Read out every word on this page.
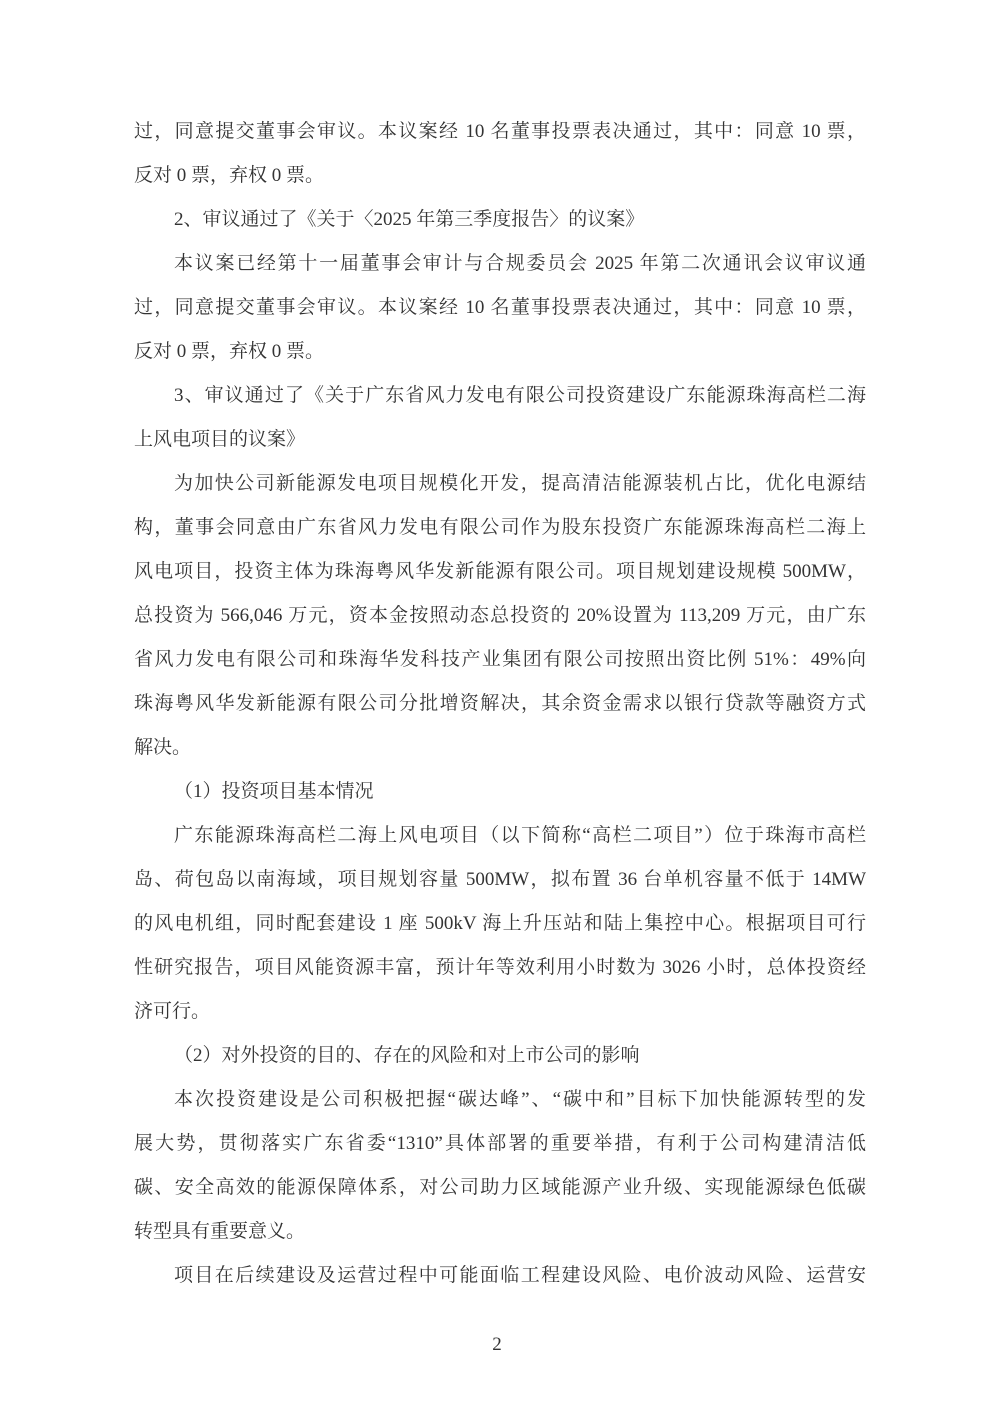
过，同意提交董事会审议。本议案经 10 名董事投票表决通过，其中：同意 10 票，
反对 0 票，弃权 0 票。
2、审议通过了《关于〈2025 年第三季度报告〉的议案》
本议案已经第十一届董事会审计与合规委员会 2025 年第二次通讯会议审议通
过，同意提交董事会审议。本议案经 10 名董事投票表决通过，其中：同意 10 票，
反对 0 票，弃权 0 票。
3、审议通过了《关于广东省风力发电有限公司投资建设广东能源珠海高栏二海
上风电项目的议案》
为加快公司新能源发电项目规模化开发，提高清洁能源装机占比，优化电源结
构，董事会同意由广东省风力发电有限公司作为股东投资广东能源珠海高栏二海上
风电项目，投资主体为珠海粤风华发新能源有限公司。项目规划建设规模 500MW，
总投资为 566,046 万元，资本金按照动态总投资的 20%设置为 113,209 万元，由广东
省风力发电有限公司和珠海华发科技产业集团有限公司按照出资比例 51%：49%向
珠海粤风华发新能源有限公司分批增资解决，其余资金需求以银行贷款等融资方式
解决。
（1）投资项目基本情况
广东能源珠海高栏二海上风电项目（以下简称“高栏二项目”）位于珠海市高栏
岛、荷包岛以南海域，项目规划容量 500MW，拟布置 36 台单机容量不低于 14MW
的风电机组，同时配套建设 1 座 500kV 海上升压站和陆上集控中心。根据项目可行
性研究报告，项目风能资源丰富，预计年等效利用小时数为 3026 小时，总体投资经
济可行。
（2）对外投资的目的、存在的风险和对上市公司的影响
本次投资建设是公司积极把握“碳达峰”、“碳中和”目标下加快能源转型的发
展大势，贯彻落实广东省委“1310”具体部署的重要举措，有利于公司构建清洁低
碳、安全高效的能源保障体系，对公司助力区域能源产业升级、实现能源绿色低碳
转型具有重要意义。
项目在后续建设及运营过程中可能面临工程建设风险、电价波动风险、运营安
2
